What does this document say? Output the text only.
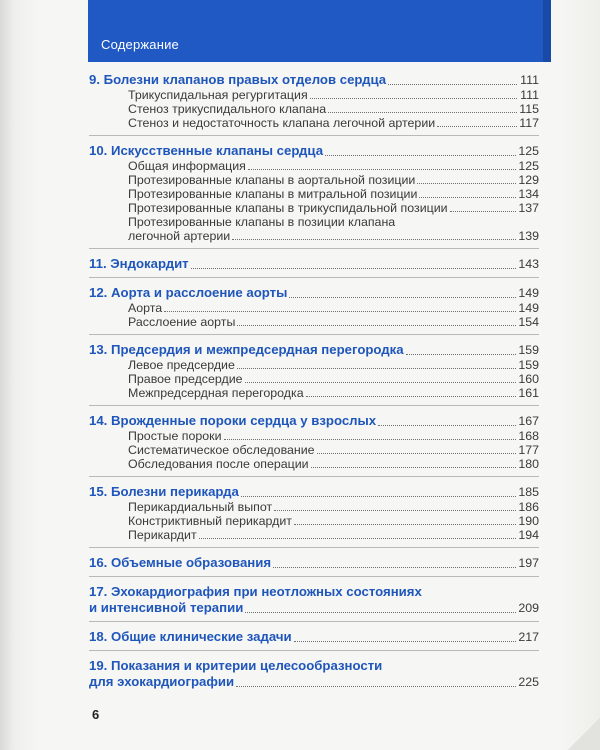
Содержание
9. Болезни клапанов правых отделов сердца	111
Трикуспидальная регургитация	111
Стеноз трикуспидального клапана	115
Стеноз и недостаточность клапана легочной артерии	117
10. Искусственные клапаны сердца	125
Общая информация	125
Протезированные клапаны в аортальной позиции	129
Протезированные клапаны в митральной позиции	134
Протезированные клапаны в трикуспидальной позиции	137
Протезированные клапаны в позиции клапана
легочной артерии	139
11. Эндокардит	143
12. Аорта и расслоение аорты	149
Аорта	149
Расслоение аорты	154
13. Предсердия и межпредсердная перегородка	159
Левое предсердие	159
Правое предсердие	160
Межпредсердная перегородка	161
14. Врожденные пороки сердца у взрослых	167
Простые пороки	168
Систематическое обследование	177
Обследования после операции	180
15. Болезни перикарда	185
Перикардиальный выпот	186
Констриктивный перикардит	190
Перикардит	194
16. Объемные образования	197
17. Эхокардиография при неотложных состояниях
и интенсивной терапии	209
18. Общие клинические задачи	217
19. Показания и критерии целесообразности
для эхокардиографии	225
6
